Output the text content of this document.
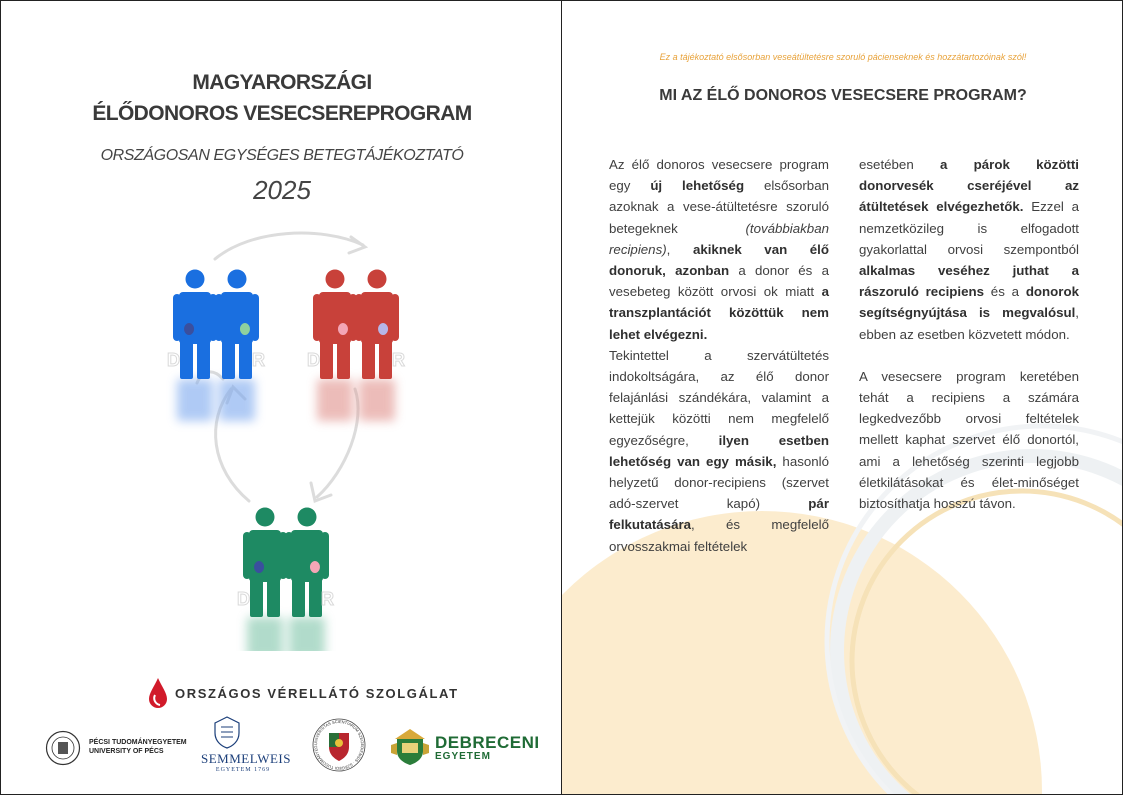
MAGYARORSZÁGI
ÉLŐDONOROS VESECSEREPROGRAM
ORSZÁGOSAN EGYSÉGES BETEGTÁJÉKOZTATÓ
2025
D	R D	R
D	R
ORSZÁGOS VÉRELLÁTÓ SZOLGÁLAT
PÉCSI TUDOMÁNYEGYETEM
UNIVERSITY OF PÉCS	SEMMELWEIS
EGYETEM 1769
UNIVERSITAS SCIENTIARUM SZEGEDIENSIS · SZEGEDI TUDOMÁNYEG	DEBRECENI
EGYETEM
Ez a tájékoztató elsősorban veseátültetésre szoruló pácienseknek és hozzátartozóinak szól!
MI AZ ÉLŐ DONOROS VESECSERE PROGRAM?

Az élő donoros vesecsere program egy új lehetőség elsősorban azoknak a vese-átültetésre szoruló betegeknek (továbbiakban recipiens), akiknek van élő donoruk, azonban a donor és a vesebeteg között orvosi ok miatt a transzplantációt közöttük nem lehet elvégezni.

Tekintettel a szervátültetés indokoltságára, az élő donor felajánlási szándékára, valamint a kettejük közötti nem megfelelő egyezőségre, ilyen esetben lehetőség van egy másik, hasonló helyzetű donor-recipiens (szervet adó-szervet kapó) pár felkutatására, és megfelelő orvosszakmai feltételek

esetében a párok közötti donorvesék cseréjével az átültetések elvégezhetők. Ezzel a nemzetközileg is elfogadott gyakorlattal orvosi szempontból alkalmas veséhez juthat a rászoruló recipiens és a donorok segítségnyújtása is megvalósul, ebben az esetben közvetett módon.

A vesecsere program keretében tehát a recipiens a számára legkedvezőbb orvosi feltételek mellett kaphat szervet élő donortól, ami a lehetőség szerinti legjobb életkilátásokat és élet-minőséget biztosíthatja hosszú távon.
